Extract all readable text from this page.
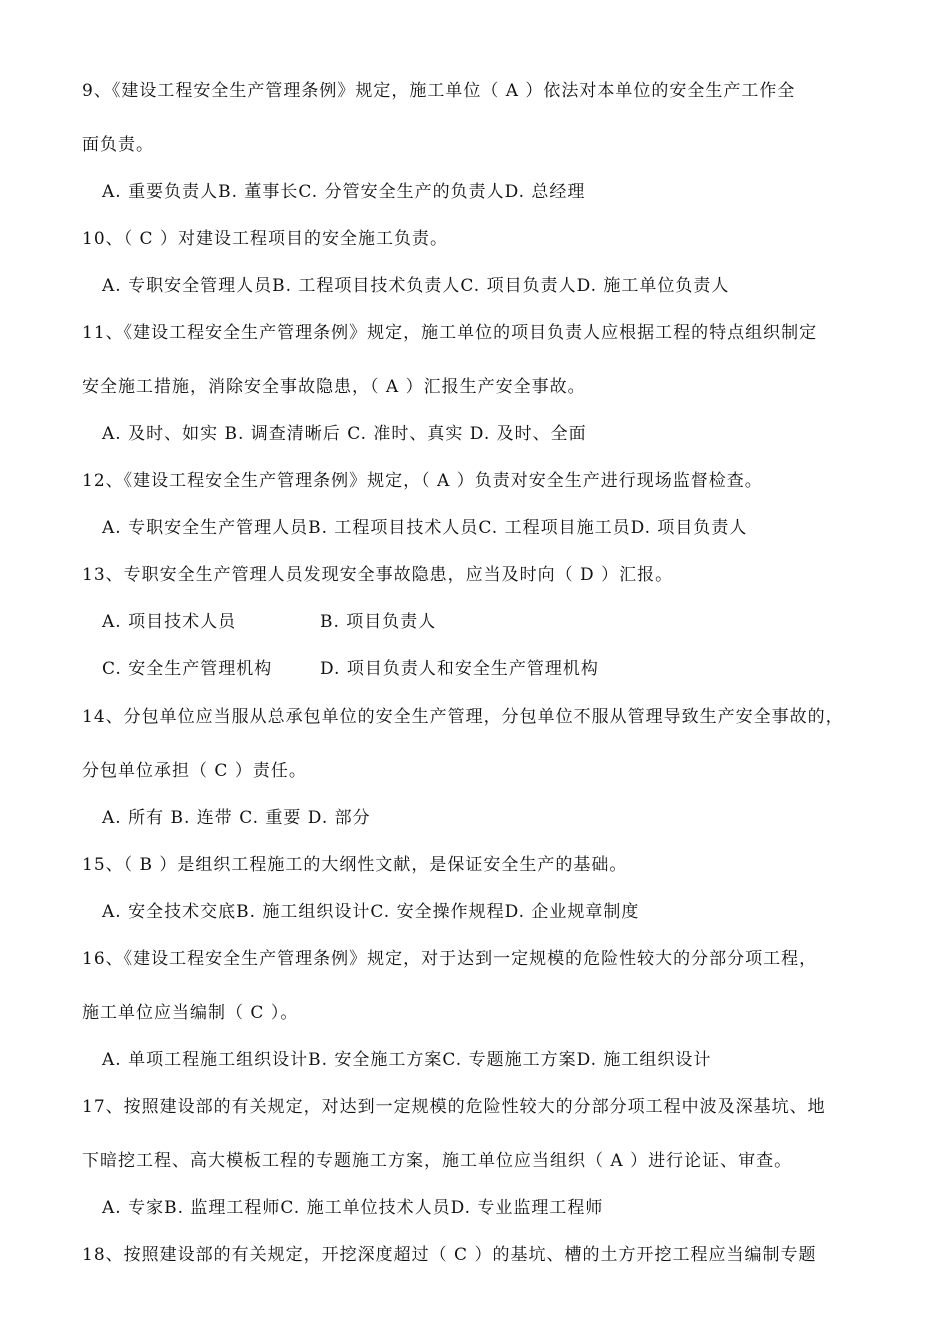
9、《建设工程安全生产管理条例》规定，施工单位（ A ）依法对本单位的安全生产工作全
面负责。
A. 重要负责人B. 董事长C. 分管安全生产的负责人D. 总经理
10、（ C ）对建设工程项目的安全施工负责。
A. 专职安全管理人员B. 工程项目技术负责人C. 项目负责人D. 施工单位负责人
11、《建设工程安全生产管理条例》规定，施工单位的项目负责人应根据工程的特点组织制定
安全施工措施，消除安全事故隐患，（ A ）汇报生产安全事故。
A. 及时、如实 B. 调查清晰后 C. 准时、真实 D. 及时、全面
12、《建设工程安全生产管理条例》规定，（ A ）负责对安全生产进行现场监督检查。
A. 专职安全生产管理人员B. 工程项目技术人员C. 工程项目施工员D. 项目负责人
13、专职安全生产管理人员发现安全事故隐患，应当及时向（ D ）汇报。
A. 项目技术人员	B. 项目负责人
C. 安全生产管理机构	D. 项目负责人和安全生产管理机构
14、分包单位应当服从总承包单位的安全生产管理，分包单位不服从管理导致生产安全事故的，
分包单位承担（ C ）责任。
A. 所有 B. 连带 C. 重要 D. 部分
15、（ B ）是组织工程施工的大纲性文献，是保证安全生产的基础。
A. 安全技术交底B. 施工组织设计C. 安全操作规程D. 企业规章制度
16、《建设工程安全生产管理条例》规定，对于达到一定规模的危险性较大的分部分项工程，
施工单位应当编制（ C ）。
A. 单项工程施工组织设计B. 安全施工方案C. 专题施工方案D. 施工组织设计
17、按照建设部的有关规定，对达到一定规模的危险性较大的分部分项工程中波及深基坑、地
下暗挖工程、高大模板工程的专题施工方案，施工单位应当组织（ A ）进行论证、审查。
A. 专家B. 监理工程师C. 施工单位技术人员D. 专业监理工程师
18、按照建设部的有关规定，开挖深度超过（ C ）的基坑、槽的土方开挖工程应当编制专题
